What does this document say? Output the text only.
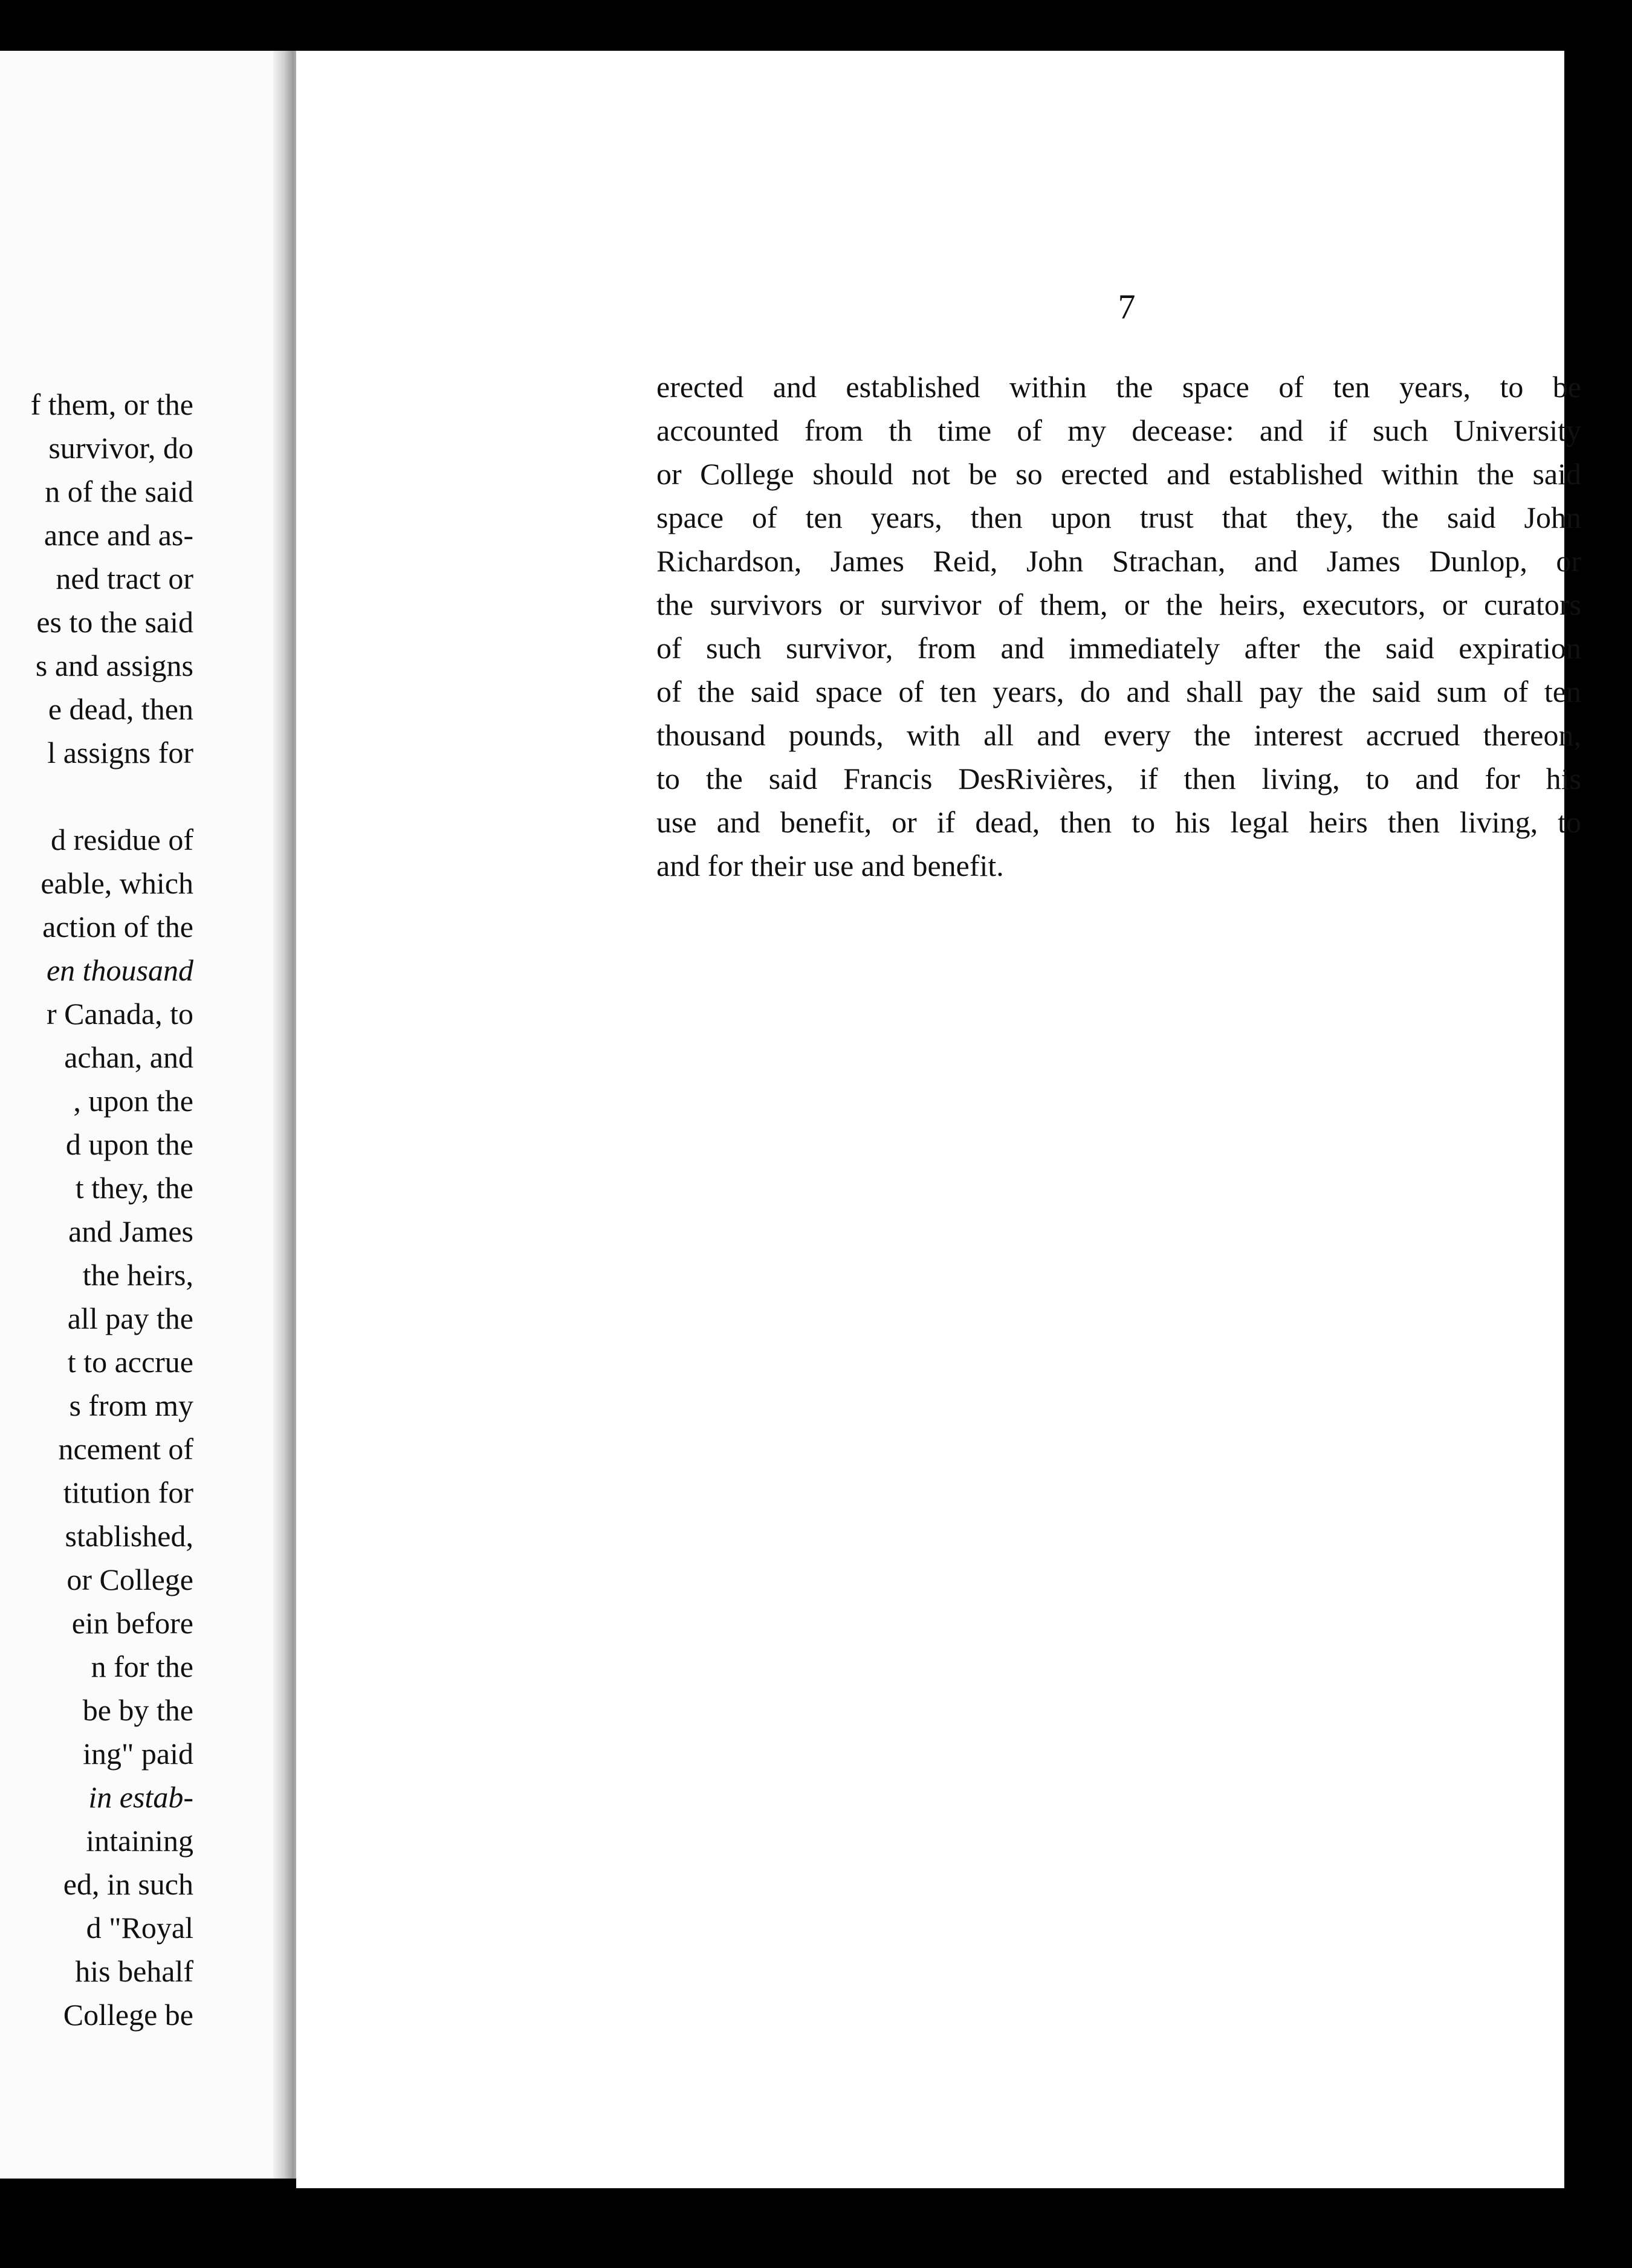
f them, or the
survivor, do
n of the said
ance and as-
ned tract or
es to the said
s and assigns
e dead, then
l assigns for
d residue of
eable, which
action of the
en thousand
r Canada, to
achan, and
, upon the
d upon the
t they, the
and James
the heirs,
all pay the
t to accrue
s from my
ncement of
titution for
stablished,
or College
ein before
n for the
be by the
ing" paid
in estab-
intaining
ed, in such
d "Royal
his behalf
College be
7
erected and established within the space of ten years, to be
accounted from th time of my decease: and if such University
or College should not be so erected and established within the said
space of ten years, then upon trust that they, the said John
Richardson, James Reid, John Strachan, and James Dunlop, or
the survivors or survivor of them, or the heirs, executors, or curators
of such survivor, from and immediately after the said expiration
of the said space of ten years, do and shall pay the said sum of ten
thousand pounds, with all and every the interest accrued thereon,
to the said Francis DesRivières, if then living, to and for his
use and benefit, or if dead, then to his legal heirs then living, to
and for their use and benefit.
